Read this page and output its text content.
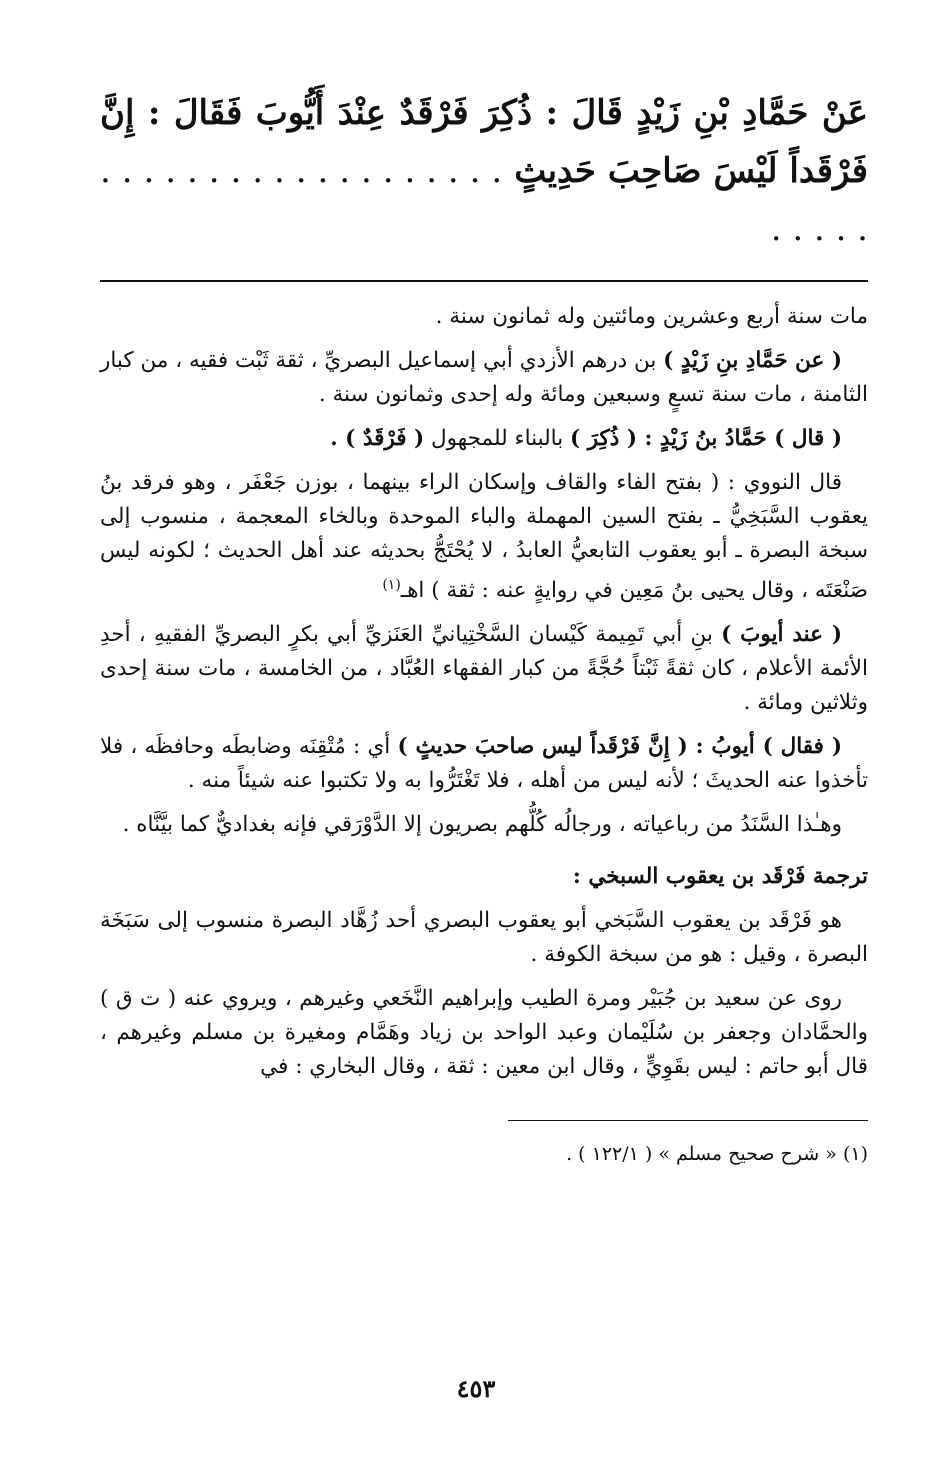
عَنْ حَمَّادِ بْنِ زَيْدٍ قَالَ : ذُكِرَ فَرْقَدٌ عِنْدَ أَيُّوبَ فَقَالَ : إِنَّ فَرْقَداً لَيْسَ صَاحِبَ حَدِيثٍ . . . . . . . . . . . . . . . . . . . . . . . .

مات سنة أربع وعشرين ومائتين وله ثمانون سنة .

( عن حَمَّادِ بنِ زَيْدٍ ) بن درهم الأزدي أبي إسماعيل البصريِّ ، ثقة ثَبْت فقيه ، من كبار الثامنة ، مات سنة تسعٍ وسبعين ومائة وله إحدى وثمانون سنة .

( قال ) حَمَّادُ بنُ زَيْدٍ : ( ذُكِرَ ) بالبناء للمجهول ( فَرْقَدٌ ) .

قال النووي : ( بفتح الفاء والقاف وإسكان الراء بينهما ، بوزن جَعْفَر ، وهو فرقد بنُ يعقوب السَّبَخِيُّ ـ بفتح السين المهملة والباء الموحدة وبالخاء المعجمة ، منسوب إلى سبخة البصرة ـ أبو يعقوب التابعيُّ العابدُ ، لا يُحْتَجُّ بحديثه عند أهل الحديث ؛ لكونه ليس صَنْعَتَه ، وقال يحيى بنُ مَعِين في روايةٍ عنه : ثقة ) اهـ$^{(١)}$

( عند أيوبَ ) بنِ أبي تَمِيمة كَيْسان السَّخْتِيانيِّ العَنَزيِّ أبي بكرٍ البصريِّ الفقيهِ ، أحدِ الأئمة الأعلام ، كان ثقةً ثَبْتاً حُجَّةً من كبار الفقهاء العُبَّاد ، من الخامسة ، مات سنة إحدى وثلاثين ومائة .

( فقال ) أيوبُ : ( إِنَّ فَرْقَداً ليس صاحبَ حديثٍ ) أي : مُتْقِنَه وضابطَه وحافظَه ، فلا تأخذوا عنه الحديثَ ؛ لأنه ليس من أهله ، فلا تَغْتَرُّوا به ولا تكتبوا عنه شيئاً منه .

وهـٰذا السَّنَدُ من رباعياته ، ورجالُه كُلُّهم بصريون إلا الدَّوْرَقي فإنه بغداديٌّ كما بيَّنَّاه .

ترجمة فَرْقَد بن يعقوب السبخي :

هو فَرْقَد بن يعقوب السَّبَخي أبو يعقوب البصري أحد زُهَّاد البصرة منسوب إلى سَبَخَة البصرة ، وقيل : هو من سبخة الكوفة .

روى عن سعيد بن جُبَيْر ومرة الطيب وإبراهيم النَّخَعي وغيرهم ، ويروي عنه ( ت ق ) والحمَّادان وجعفر بن سُلَيْمان وعبد الواحد بن زياد وهَمَّام ومغيرة بن مسلم وغيرهم ، قال أبو حاتم : ليس بقَوِيٍّ ، وقال ابن معين : ثقة ، وقال البخاري : في

(١) « شرح صحيح مسلم » ( ١٢٢/١ ) .
٤٥٣
